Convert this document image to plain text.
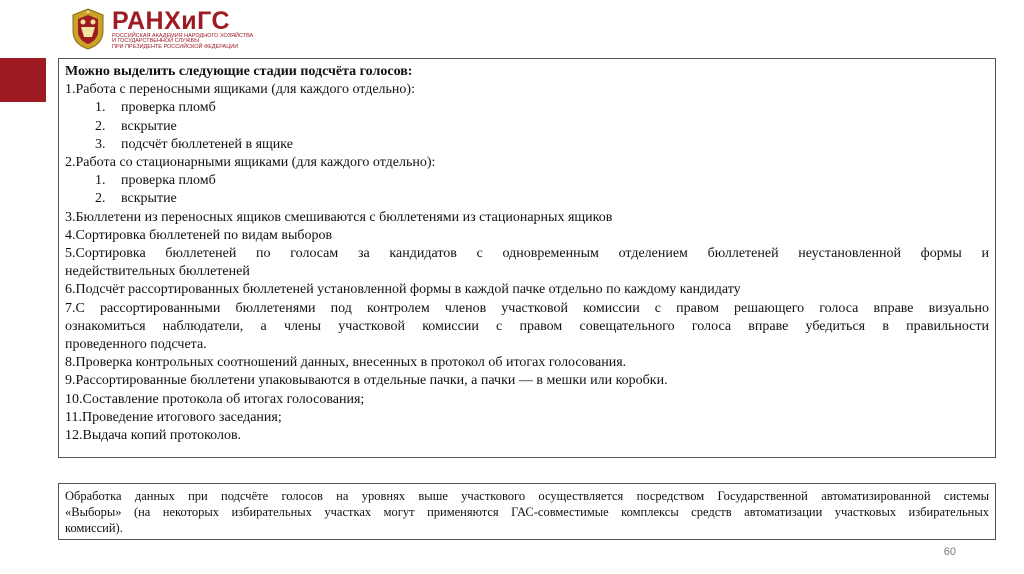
РАНХиГС
РОССИЙСКАЯ АКАДЕМИЯ НАРОДНОГО ХОЗЯЙСТВА
И ГОСУДАРСТВЕННОЙ СЛУЖБЫ
ПРИ ПРЕЗИДЕНТЕ РОССИЙСКОЙ ФЕДЕРАЦИИ
Можно выделить следующие стадии подсчёта голосов:
1.Работа с переносными ящиками (для каждого отдельно):
1.	проверка пломб
2.	вскрытие
3.	подсчёт бюллетеней в ящике
2.Работа со стационарными ящиками (для каждого отдельно):
1.	проверка пломб
2.	вскрытие
3.Бюллетени из переносных ящиков смешиваются с бюллетенями из стационарных ящиков
4.Сортировка бюллетеней по видам выборов
5.Сортировка бюллетеней по голосам за кандидатов с одновременным отделением бюллетеней неустановленной формы и
недействительных бюллетеней
6.Подсчёт рассортированных бюллетеней установленной формы в каждой пачке отдельно по каждому кандидату
7.С рассортированными бюллетенями под контролем членов участковой комиссии с правом решающего голоса вправе визуально
ознакомиться наблюдатели, а члены участковой комиссии с правом совещательного голоса вправе убедиться в правильности
проведенного подсчета.
8.Проверка контрольных соотношений данных, внесенных в протокол об итогах голосования.
9.Рассортированные бюллетени упаковываются в отдельные пачки, а пачки — в мешки или коробки.
10.Составление протокола об итогах голосования;
11.Проведение итогового заседания;
12.Выдача копий протоколов.
Обработка данных при подсчёте голосов на уровнях выше участкового осуществляется посредством Государственной автоматизированной системы
«Выборы» (на некоторых избирательных участках могут применяются ГАС-совместимые комплексы средств автоматизации участковых избирательных
комиссий).
60
